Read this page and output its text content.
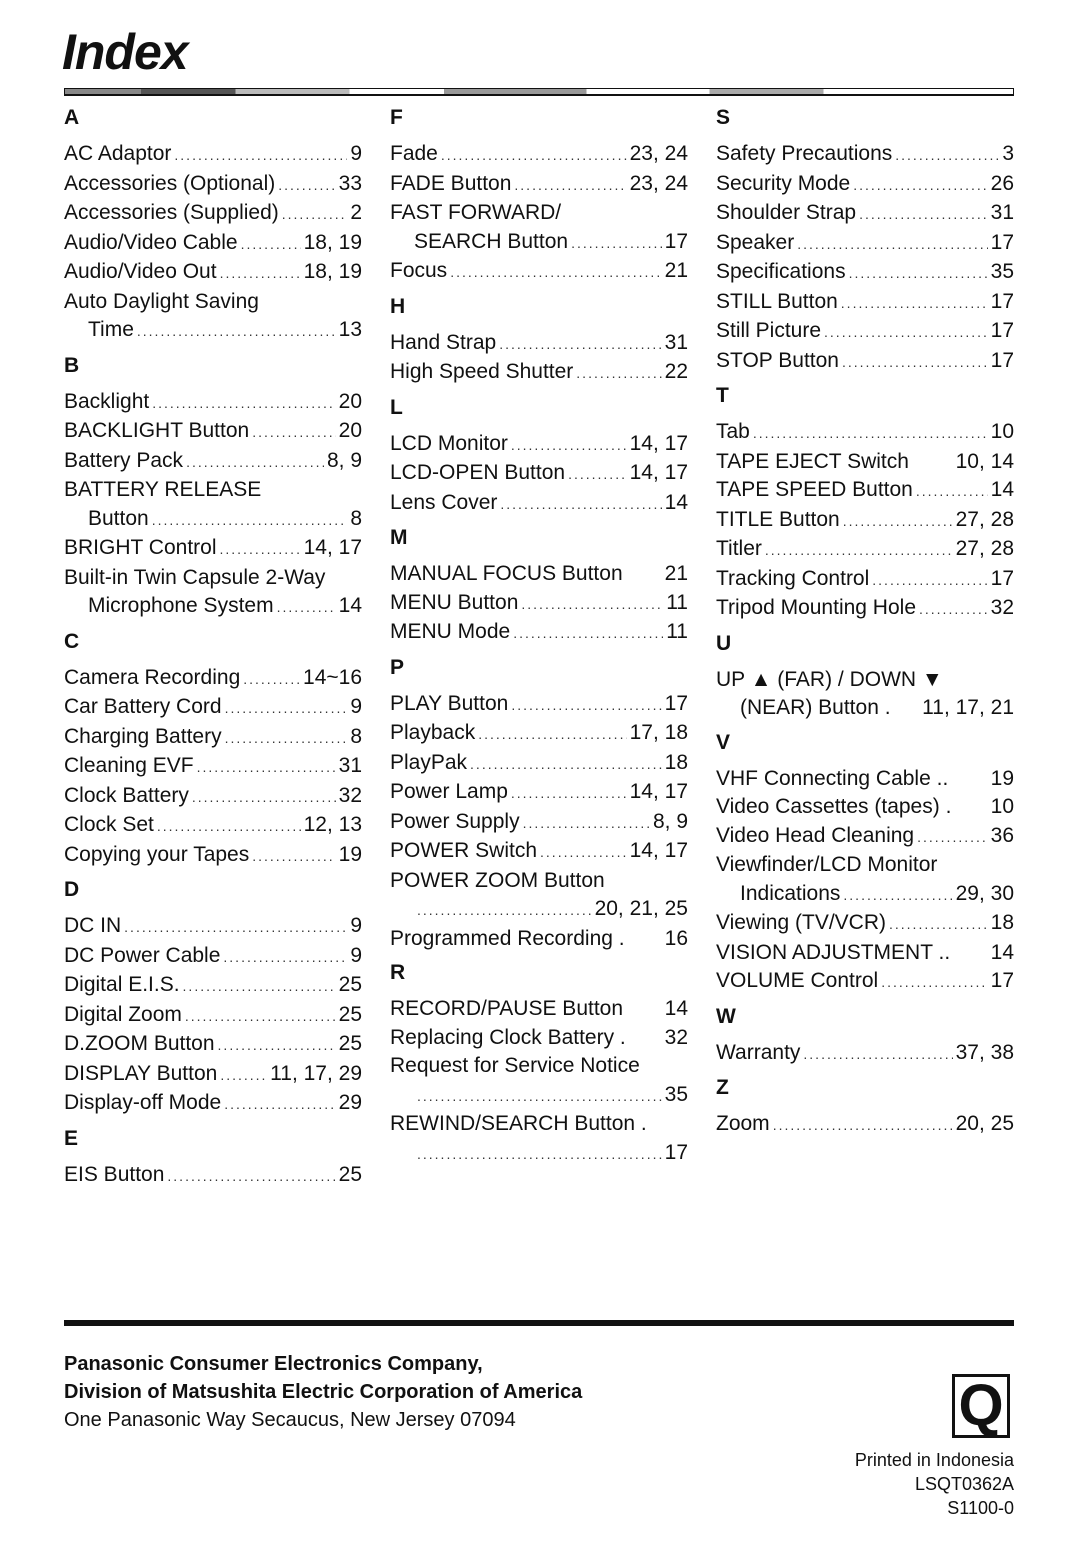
Index
A
AC Adaptor .....	9
Accessories (Optional) .....	33
Accessories (Supplied) .....	2
Audio/Video Cable .....	18, 19
Audio/Video Out .....	18, 19
Auto Daylight Saving
Time .....	13
B
Backlight .....	20
BACKLIGHT Button .....	20
Battery Pack .....	8, 9
BATTERY RELEASE
Button .....	8
BRIGHT Control .....	14, 17
Built-in Twin Capsule 2-Way
Microphone System .....	14
C
Camera Recording .....	14~16
Car Battery Cord .....	9
Charging Battery .....	8
Cleaning EVF .....	31
Clock Battery .....	32
Clock Set .....	12, 13
Copying your Tapes .....	19
D
DC IN .....	9
DC Power Cable .....	9
Digital E.I.S. .....	25
Digital Zoom .....	25
D.ZOOM Button .....	25
DISPLAY Button .....	11, 17, 29
Display-off Mode .....	29
E
EIS Button .....	25
F
Fade .....	23, 24
FADE Button .....	23, 24
FAST FORWARD/
SEARCH Button .....	17
Focus .....	21
H
Hand Strap .....	31
High Speed Shutter .....	22
L
LCD Monitor .....	14, 17
LCD-OPEN Button .....	14, 17
Lens Cover .....	14
M
MANUAL FOCUS Button 21
MENU Button .....	11
MENU Mode .....	11
P
PLAY Button .....	17
Playback .....	17, 18
PlayPak .....	18
Power Lamp .....	14, 17
Power Supply .....	8, 9
POWER Switch .....	14, 17
POWER ZOOM Button
.....
20, 21, 25
Programmed Recording . 16
R
RECORD/PAUSE Button 14
Replacing Clock Battery . 32
Request for Service Notice
.....
35
REWIND/SEARCH Button .
.....
17
S
Safety Precautions .....	3
Security Mode .....	26
Shoulder Strap .....	31
Speaker .....	17
Specifications .....	35
STILL Button .....	17
Still Picture .....	17
STOP Button .....	17
T
Tab .....	10
TAPE EJECT Switch 10, 14
TAPE SPEED Button .....	14
TITLE Button .....	27, 28
Titler .....	27, 28
Tracking Control .....	17
Tripod Mounting Hole .....	32
U
UP ▲ (FAR) / DOWN ▼
(NEAR) Button . 11, 17, 21
V
VHF Connecting Cable .. 19
Video Cassettes (tapes) . 10
Video Head Cleaning .....	36
Viewfinder/LCD Monitor
Indications .....	29, 30
Viewing (TV/VCR) .....	18
VISION ADJUSTMENT .. 14
VOLUME Control .....	17
W
Warranty .....	37, 38
Z
Zoom .....	20, 25
Panasonic Consumer Electronics Company,
Division of Matsushita Electric Corporation of America
One Panasonic Way Secaucus, New Jersey 07094	Q
Printed in Indonesia
LSQT0362A
S1100-0
